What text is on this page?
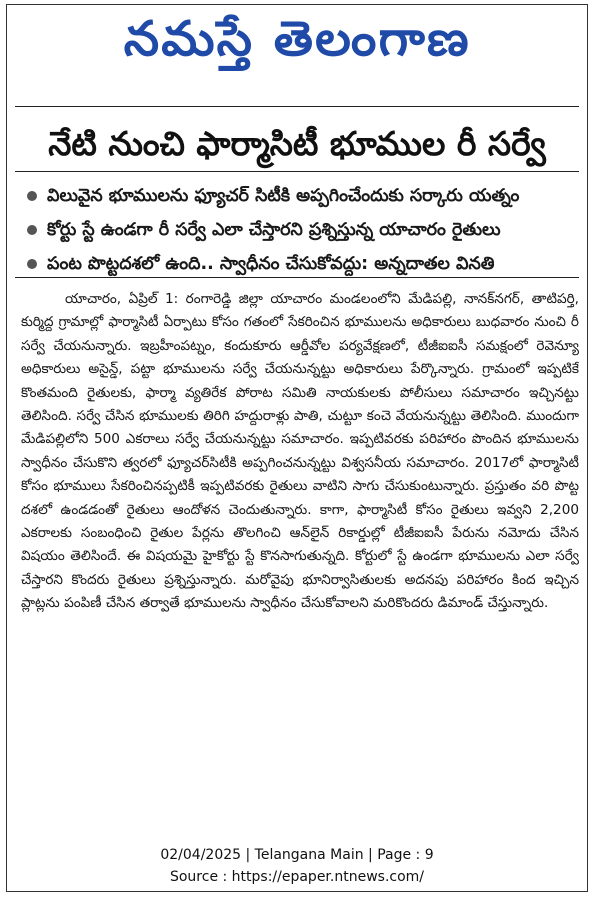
నమస్తే తెలంగాణ
నేటి నుంచి ఫార్మాసిటీ భూముల రీ సర్వే
విలువైన భూములను ఫ్యూచర్ సిటీకి అప్పగించేందుకు సర్కారు యత్నం
కోర్టు స్టే ఉండగా రీ సర్వే ఎలా చేస్తారని ప్రశ్నిస్తున్న యాచారం రైతులు
పంట పొట్టదశలో ఉంది.. స్వాధీనం చేసుకోవద్దు: అన్నదాతల వినతి

యాచారం, ఏప్రిల్ 1: రంగారెడ్డి జిల్లా యాచారం మండలంలోని మేడిపల్లి, నానక్‌నగర్, తాటిపర్తి, కుర్మిద్ద గ్రామాల్లో ఫార్మాసిటీ ఏర్పాటు కోసం గతంలో సేకరించిన భూములను అధికారులు బుధవారం నుంచి రీ సర్వే చేయనున్నారు. ఇబ్రహీంపట్నం, కందుకూరు ఆర్డీవోల పర్యవేక్షణలో, టీజీఐఐసీ సమక్షంలో రెవెన్యూ అధికారులు అసైన్డ్, పట్టా భూములను సర్వే చేయనున్నట్టు అధికారులు పేర్కొన్నారు. గ్రామంలో ఇప్పటికే కొంతమంది రైతులకు, ఫార్మా వ్యతిరేక పోరాట సమితి నాయకులకు పోలీసులు సమాచారం ఇచ్చినట్టు తెలిసింది. సర్వే చేసిన భూములకు తిరిగి హద్దురాళ్లు పాతి, చుట్టూ కంచె వేయనున్నట్టు తెలిసింది. ముందుగా మేడిపల్లిలోని 500 ఎకరాలు సర్వే చేయనున్నట్టు సమాచారం. ఇప్పటివరకు పరిహారం పొందిన భూములను స్వాధీనం చేసుకొని త్వరలో ఫ్యూచర్‌సిటీకి అప్పగించనున్నట్టు విశ్వసనీయ సమాచారం. 2017లో ఫార్మాసిటీ కోసం భూములు సేకరించినప్పటికీ ఇప్పటివరకు రైతులు వాటిని సాగు చేసుకుంటున్నారు. ప్రస్తుతం వరి పొట్ట దశలో ఉండడంతో రైతులు ఆందోళన చెందుతున్నారు. కాగా, ఫార్మాసిటీ కోసం రైతులు ఇవ్వని 2,200 ఎకరాలకు సంబంధించి రైతుల పేర్లను తొలగించి ఆన్‌లైన్ రికార్డుల్లో టీజీఐఐసీ పేరును నమోదు చేసిన విషయం తెలిసిందే. ఈ విషయమై హైకోర్టు స్టే కొనసాగుతున్నది. కోర్టులో స్టే ఉండగా భూములను ఎలా సర్వే చేస్తారని కొందరు రైతులు ప్రశ్నిస్తున్నారు. మరోవైపు భూనిర్వాసితులకు అదనపు పరిహారం కింద ఇచ్చిన ప్లాట్లను పంపిణీ చేసిన తర్వాతే భూములను స్వాధీనం చేసుకోవాలని మరికొందరు డిమాండ్ చేస్తున్నారు.

02/04/2025 | Telangana Main | Page : 9
Source : https://epaper.ntnews.com/
